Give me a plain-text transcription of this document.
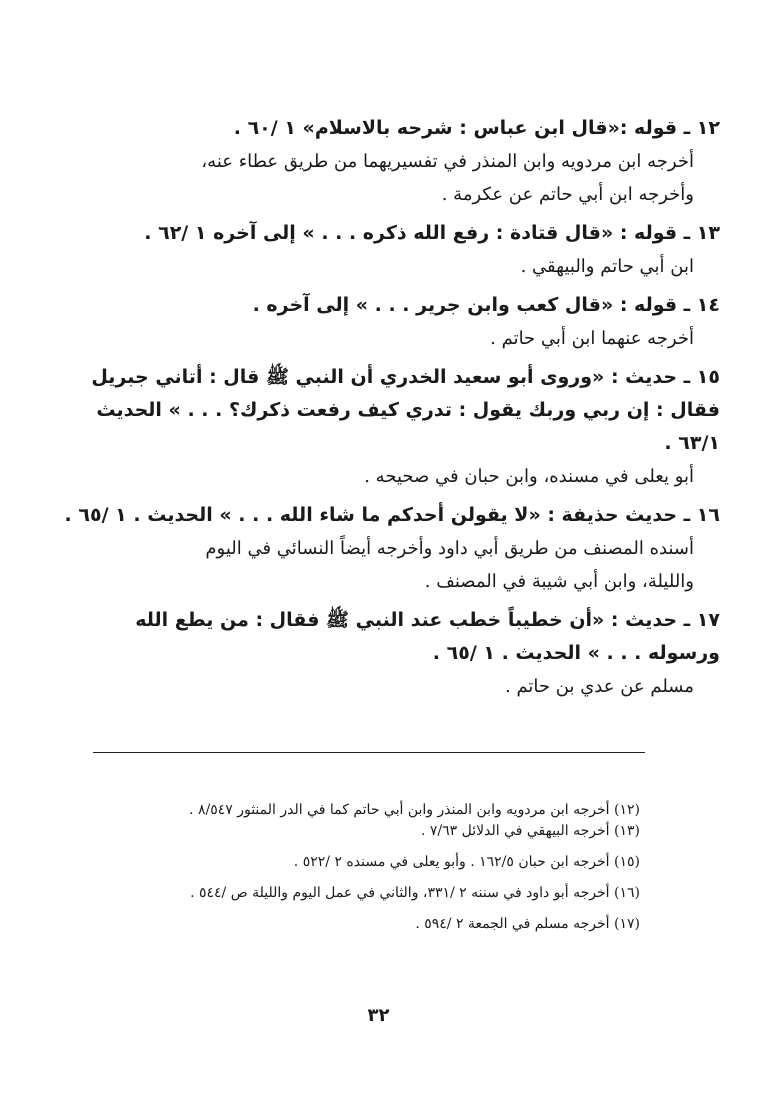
١٢ ـ قوله :«قال ابن عباس : شرحه بالاسلام» ١ /٦٠ .
أخرجه ابن مردويه وابن المنذر في تفسيريهما من طريق عطاء عنه،
وأخرجه ابن أبي حاتم عن عكرمة .
١٣ ـ قوله : «قال قتادة : رفع الله ذكره . . . » إلى آخره ١ /٦٢ .
ابن أبي حاتم والبيهقي .
١٤ ـ قوله : «قال كعب وابن جرير . . . » إلى آخره .
أخرجه عنهما ابن أبي حاتم .
١٥ ـ حديث : «وروى أبو سعيد الخدري أن النبي ﷺ قال : أتاني جبريل فقال : إن ربي وربك يقول : تدري كيف رفعت ذكرك؟ . . . » الحديث ٦٣/١ .
أبو يعلى في مسنده، وابن حبان في صحيحه .
١٦ ـ حديث حذيفة : «لا يقولن أحدكم ما شاء الله . . . » الحديث . ١ /٦٥ .
أسنده المصنف من طريق أبي داود وأخرجه أيضاً النسائي في اليوم
والليلة، وابن أبي شيبة في المصنف .
١٧ ـ حديث : «أن خطيباً خطب عند النبي ﷺ فقال : من يطع الله ورسوله . . . » الحديث . ١ /٦٥ .
مسلم عن عدي بن حاتم .
(١٢) أخرجه ابن مردويه وابن المنذر وابن أبي حاتم كما في الدر المنثور ٨/٥٤٧ .
(١٣) أخرجه البيهقي في الدلائل ٧/٦٣ .
(١٥) أخرجه ابن حبان ١٦٢/٥ . وأبو يعلى في مسنده ٢ /٥٢٢ .
(١٦) أخرجه أبو داود في سننه ٢ /٣٣١، والثاني في عمل اليوم والليلة ص /٥٤٤ .
(١٧) أخرجه مسلم في الجمعة ٢ /٥٩٤ .
٣٢
